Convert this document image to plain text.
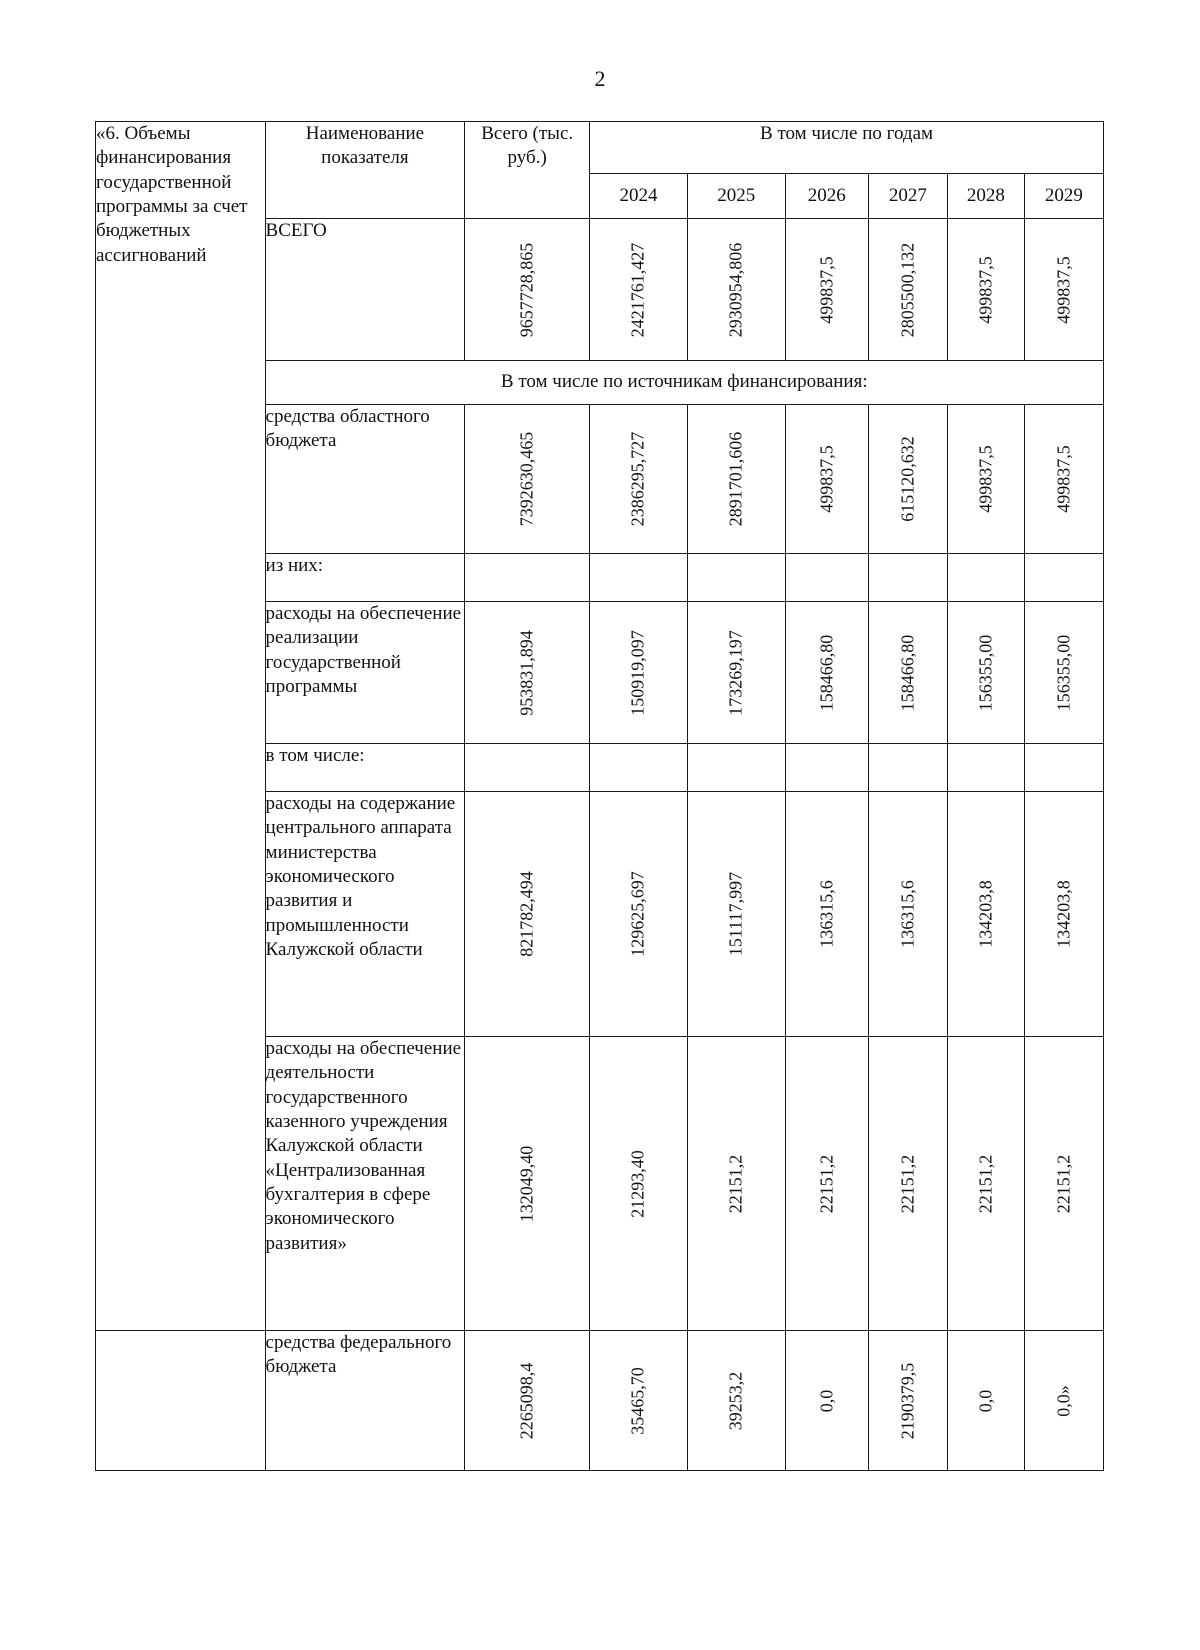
2
«6. Объемы финансирования государственной программы за счет бюджетных ассигнований	Наименование показателя	Всего (тыс. руб.)	В том числе по годам					
			2024	2025	2026	2027	2028	2029
	ВСЕГО	9657728,865	2421761,427	2930954,806	499837,5	2805500,132	499837,5	499837,5

	В том числе по источникам финансирования:							
	средства областного бюджета	7392630,465	2386295,727	2891701,606	499837,5	615120,632	499837,5	499837,5

	из них:							
	расходы на обеспечение реализации государственной программы	953831,894	150919,097	173269,197	158466,80	158466,80	156355,00	156355,00

	в том числе:							
	расходы на содержание центрального аппарата министерства экономического развития и промышленности Калужской области	821782,494	129625,697	151117,997	136315,6	136315,6	134203,8	134203,8

	расходы на обеспечение деятельности государственного казенного учреждения Калужской области «Централизованная бухгалтерия в сфере экономического развития»	132049,40	21293,40	22151,2	22151,2	22151,2	22151,2	22151,2

	средства федерального бюджета	2265098,4	35465,70	39253,2	0,0	2190379,5	0,0	0,0»
